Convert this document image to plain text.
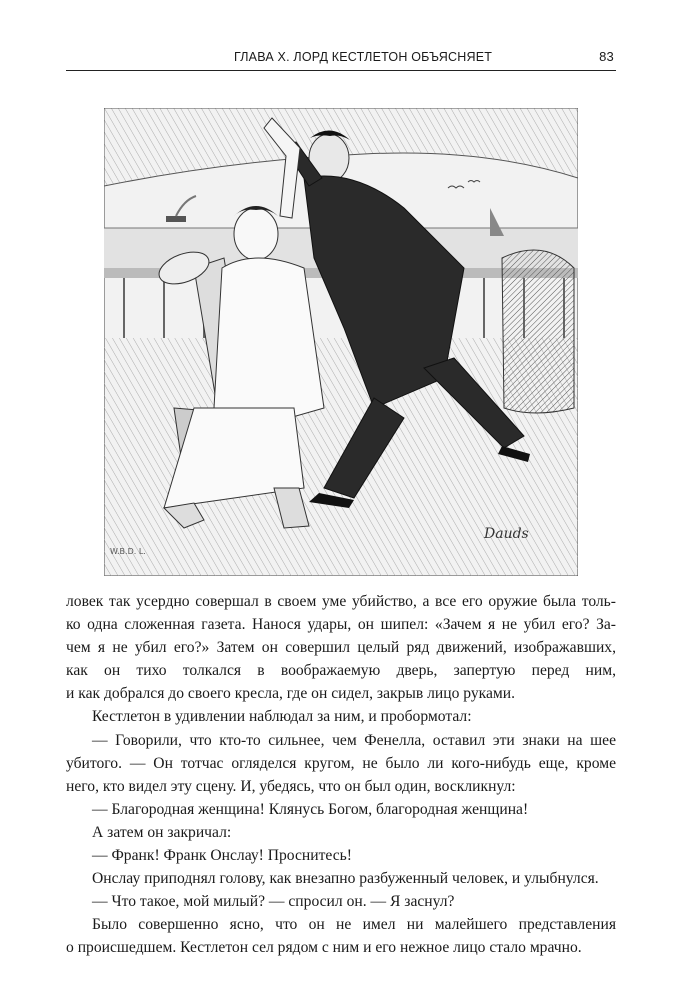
ГЛАВА X. ЛОРД КЕСТЛЕТОН ОБЪЯСНЯЕТ	83
Dauds
W.B.D. L.

ловек так усердно совершал в своем уме убийство, а все его оружие была толь-

ко одна сложенная газета. Нанося удары, он шипел: «Зачем я не убил его? За-

чем я не убил его?» Затем он совершил целый ряд движений, изображавших,

как он тихо толкался в воображаемую дверь, запертую перед ним,

и как добрался до своего кресла, где он сидел, закрыв лицо руками.

Кестлетон в удивлении наблюдал за ним, и пробормотал:

— Говорили, что кто-то сильнее, чем Фенелла, оставил эти знаки на шее

убитого. — Он тотчас огляделся кругом, не было ли кого-нибудь еще, кроме

него, кто видел эту сцену. И, убедясь, что он был один, воскликнул:

— Благородная женщина! Клянусь Богом, благородная женщина!

А затем он закричал:

— Франк! Франк Онслау! Проснитесь!

Онслау приподнял голову, как внезапно разбуженный человек, и улыбнулся.

— Что такое, мой милый? — спросил он. — Я заснул?

Было совершенно ясно, что он не имел ни малейшего представления

о происшедшем. Кестлетон сел рядом с ним и его нежное лицо стало мрачно.
